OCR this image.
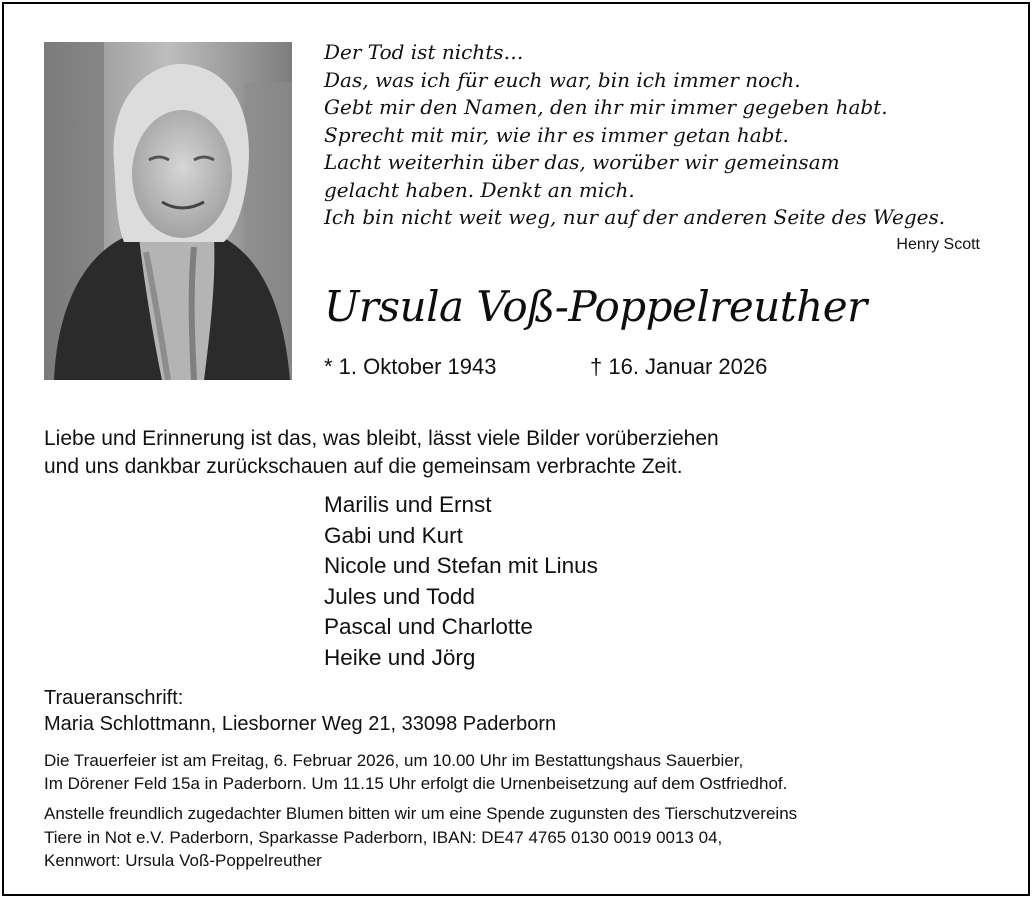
Der Tod ist nichts…
Das, was ich für euch war, bin ich immer noch.
Gebt mir den Namen, den ihr mir immer gegeben habt.
Sprecht mit mir, wie ihr es immer getan habt.
Lacht weiterhin über das, worüber wir gemeinsam
gelacht haben. Denkt an mich.
Ich bin nicht weit weg, nur auf der anderen Seite des Weges.
Henry Scott
Ursula Voß-Poppelreuther
* 1. Oktober 1943	† 16. Januar 2026
Liebe und Erinnerung ist das, was bleibt, lässt viele Bilder vorüberziehen
und uns dankbar zurückschauen auf die gemeinsam verbrachte Zeit.
Marilis und Ernst
Gabi und Kurt
Nicole und Stefan mit Linus
Jules und Todd
Pascal und Charlotte
Heike und Jörg
Traueranschrift:
Maria Schlottmann, Liesborner Weg 21, 33098 Paderborn
Die Trauerfeier ist am Freitag, 6. Februar 2026, um 10.00 Uhr im Bestattungshaus Sauerbier,
Im Dörener Feld 15a in Paderborn. Um 11.15 Uhr erfolgt die Urnenbeisetzung auf dem Ostfriedhof.
Anstelle freundlich zugedachter Blumen bitten wir um eine Spende zugunsten des Tierschutzvereins
Tiere in Not e.V. Paderborn, Sparkasse Paderborn, IBAN: DE47 4765 0130 0019 0013 04,
Kennwort: Ursula Voß-Poppelreuther
